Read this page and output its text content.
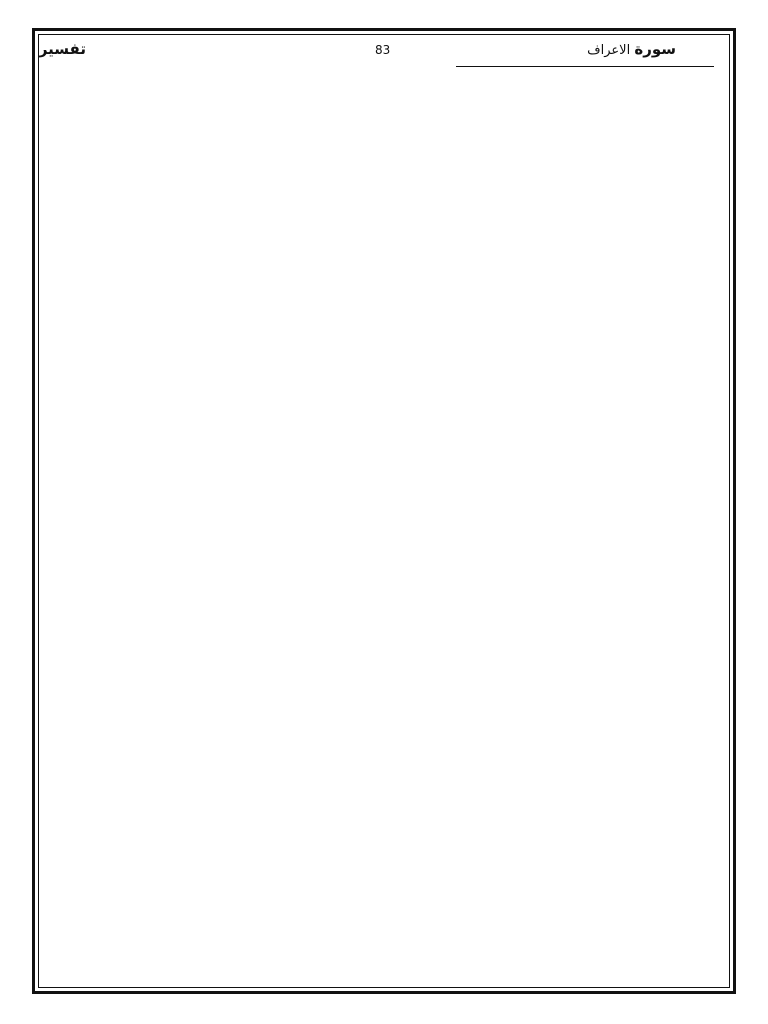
تفسير	83	سورة الاعراف
